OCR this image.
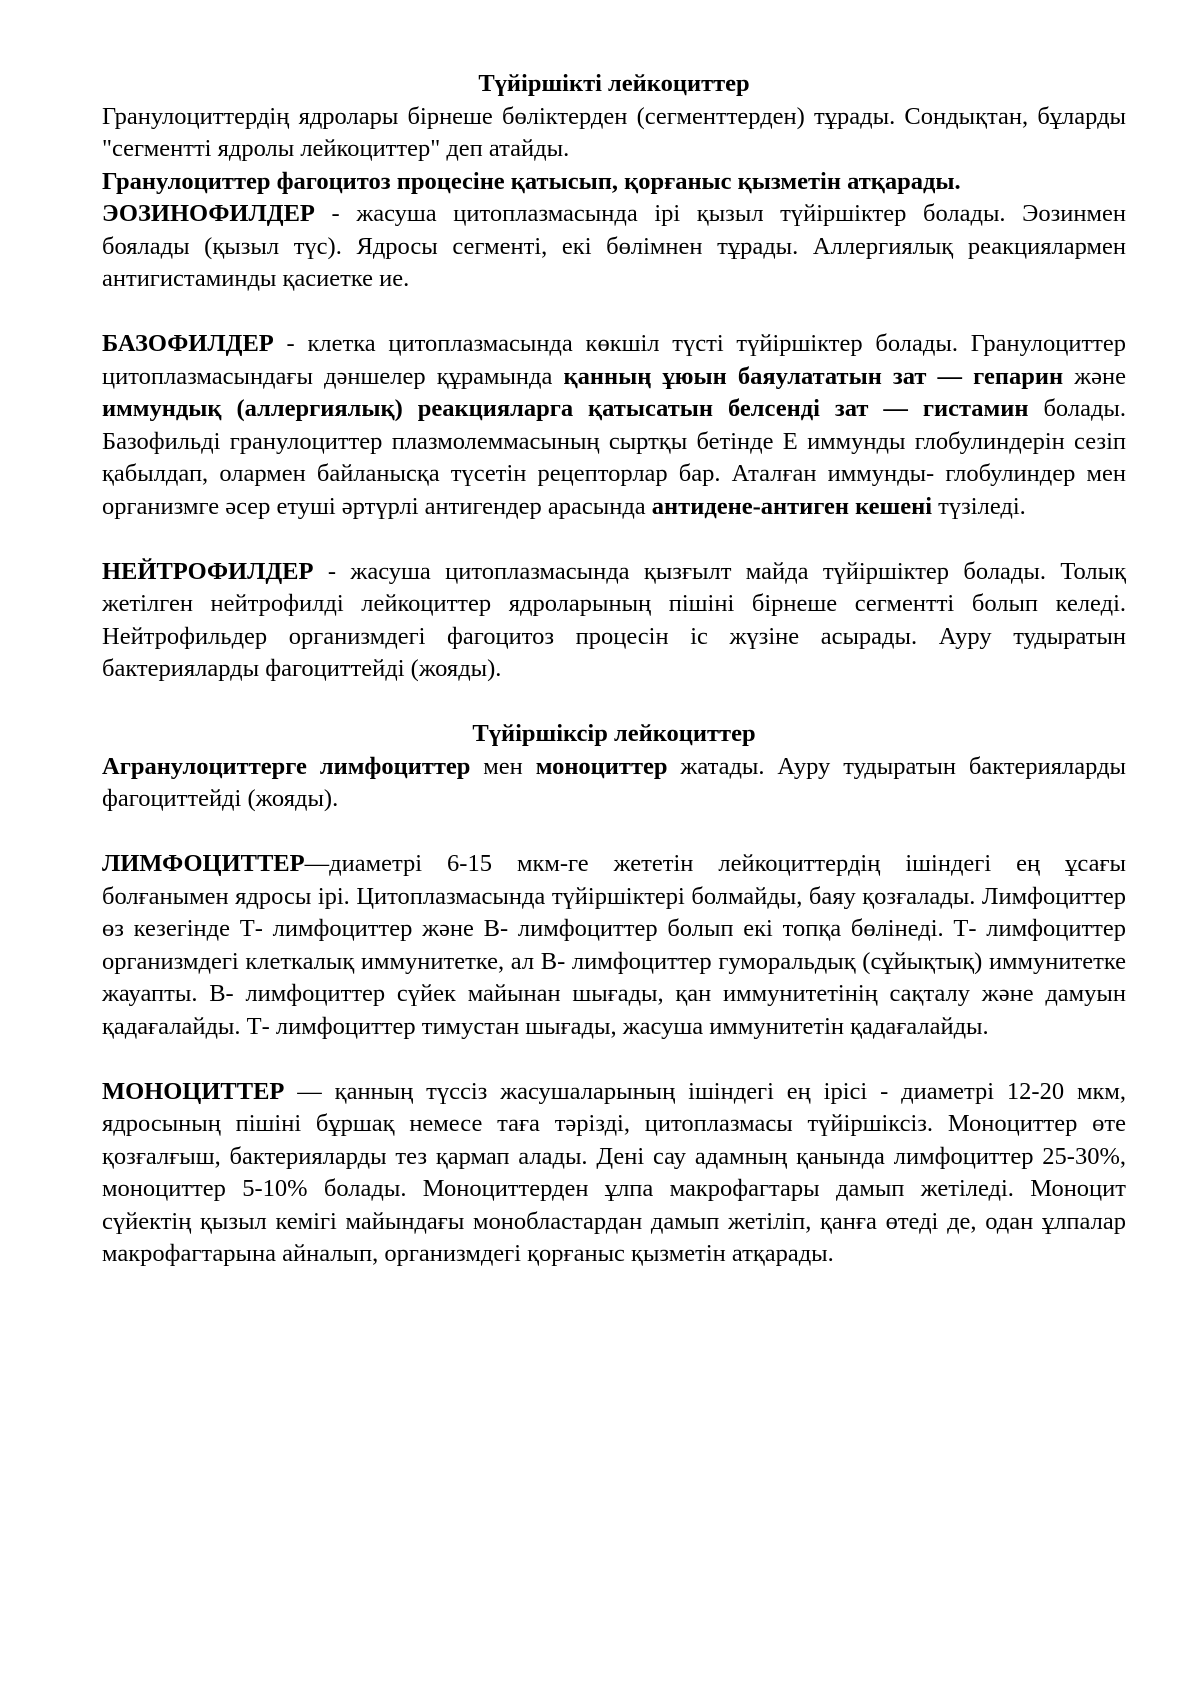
Түйіршікті лейкоциттер
Гранулоциттердің ядролары бірнеше бөліктерден (сегменттерден) тұрады. Сондықтан, бұларды "сегментті ядролы лейкоциттер" деп атайды.
Гранулоциттер фагоцитоз процесіне қатысып, қорғаныс қызметін атқарады.
ЭОЗИНОФИЛДЕР - жасуша цитоплазмасында ірі қызыл түйіршіктер болады. Эозинмен боялады (қызыл түс). Ядросы сегменті, екі бөлімнен тұрады. Аллергиялық реакциялармен антигистаминды қасиетке ие.
БАЗОФИЛДЕР - клетка цитоплазмасында көкшіл түсті түйіршіктер болады. Гранулоциттер цитоплазмасындағы дәншелер құрамында қанның ұюын баяулататын зат — гепарин және иммундық (аллергиялық) реакцияларга қатысатын белсенді зат — гистамин болады. Базофильді гранулоциттер плазмолеммасының сыртқы бетінде Е иммунды глобулиндерін сезіп қабылдап, олармен байланысқа түсетін рецепторлар бар. Аталған иммунды- глобулиндер мен организмге әсер етуші әртүрлі антигендер арасында антидене-антиген кешені түзіледі.
НЕЙТРОФИЛДЕР - жасуша цитоплазмасында қызғылт майда түйіршіктер болады. Толық жетілген нейтрофилді лейкоциттер ядроларының пішіні бірнеше сегментті болып келеді. Нейтрофильдер организмдегі фагоцитоз процесін іс жүзіне асырады. Ауру тудыратын бактерияларды фагоциттейді (жояды).
Түйіршіксір лейкоциттер
Агранулоциттерге лимфоциттер мен моноциттер жатады. Ауру тудыратын бактерияларды фагоциттейді (жояды).
ЛИМФОЦИТТЕР—диаметрі 6-15 мкм-ге жететін лейкоциттердің ішіндегі ең ұсағы болғанымен ядросы ірі. Цитоплазмасында түйіршіктері болмайды, баяу қозғалады. Лимфоциттер өз кезегінде Т- лимфоциттер және В- лимфоциттер болып екі топқа бөлінеді. Т- лимфоциттер организмдегі клеткалық иммунитетке, ал В- лимфоциттер гуморальдық (сұйықтық) иммунитетке жауапты. В- лимфоциттер сүйек майынан шығады, қан иммунитетінің сақталу және дамуын қадағалайды. Т- лимфоциттер тимустан шығады, жасуша иммунитетін қадағалайды.
МОНОЦИТТЕР — қанның түссіз жасушаларының ішіндегі ең ірісі - диаметрі 12-20 мкм, ядросының пішіні бұршақ немесе таға тәрізді, цитоплазмасы түйіршіксіз. Моноциттер өте қозғалғыш, бактерияларды тез қармап алады. Дені сау адамның қанында лимфоциттер 25-30%, моноциттер 5-10% болады. Моноциттерден ұлпа макрофагтары дамып жетіледі. Моноцит сүйектің қызыл кемігі майындағы монобластардан дамып жетіліп, қанға өтеді де, одан ұлпалар макрофагтарына айналып, организмдегі қорғаныс қызметін атқарады.
